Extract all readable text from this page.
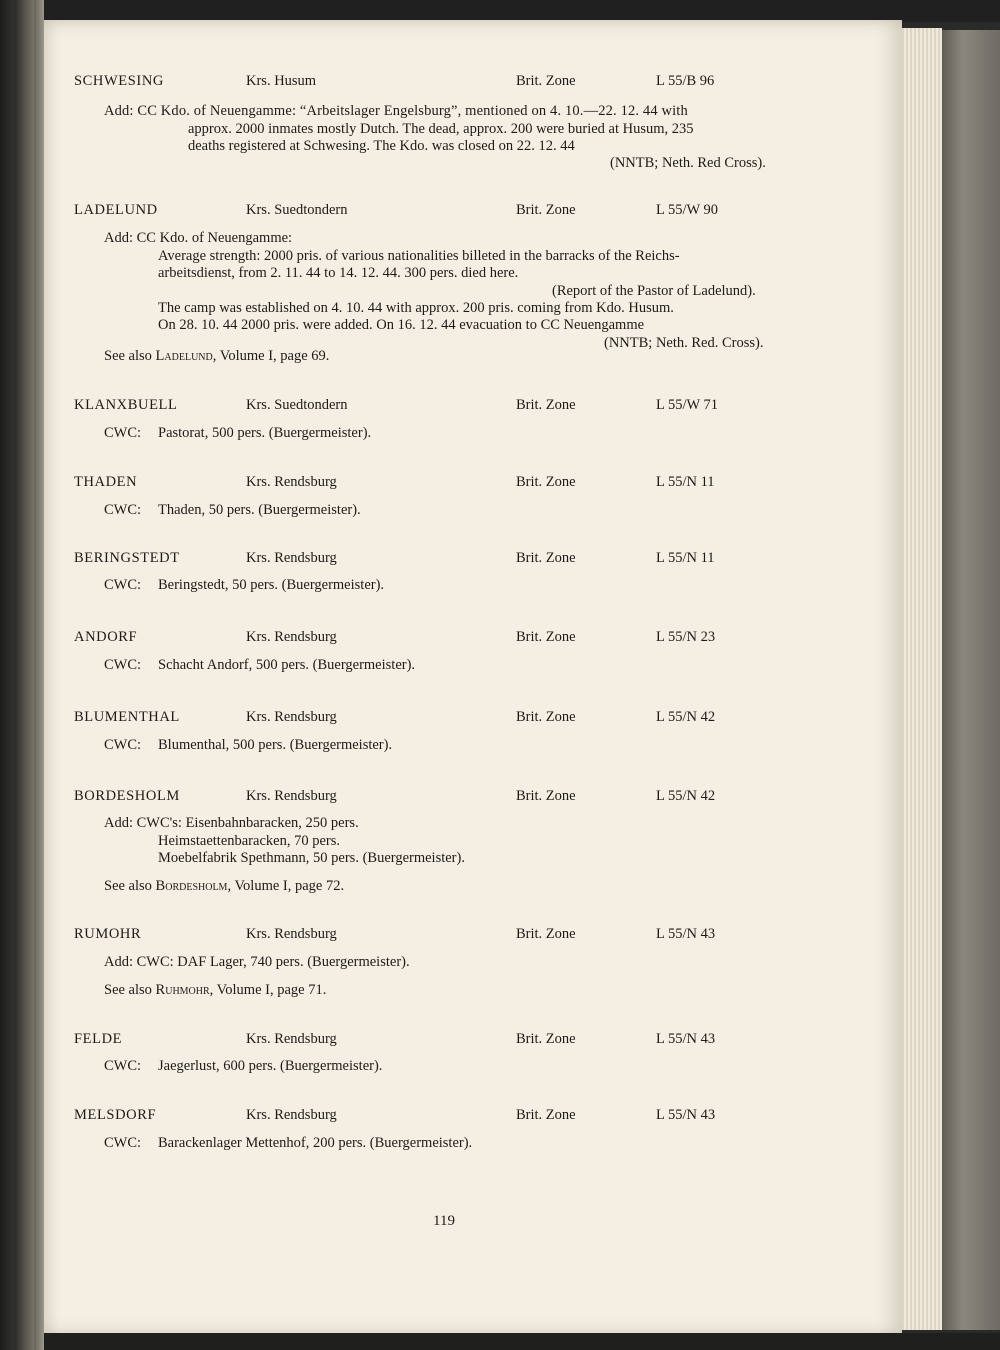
SCHWESING	Krs. Husum	Brit. Zone	L 55/B 96
Add: CC Kdo. of Neuengamme: “Arbeitslager Engelsburg”, mentioned on 4. 10.—22. 12. 44 with
approx. 2000 inmates mostly Dutch. The dead, approx. 200 were buried at Husum, 235
deaths registered at Schwesing. The Kdo. was closed on 22. 12. 44
(NNTB; Neth. Red Cross).
LADELUND	Krs. Suedtondern	Brit. Zone	L 55/W 90
Add: CC Kdo. of Neuengamme:
Average strength: 2000 pris. of various nationalities billeted in the barracks of the Reichs-
arbeitsdienst, from 2. 11. 44 to 14. 12. 44. 300 pers. died here.
(Report of the Pastor of Ladelund).
The camp was established on 4. 10. 44 with approx. 200 pris. coming from Kdo. Husum.
On 28. 10. 44 2000 pris. were added. On 16. 12. 44 evacuation to CC Neuengamme
(NNTB; Neth. Red. Cross).
See also Ladelund, Volume I, page 69.
KLANXBUELL	Krs. Suedtondern	Brit. Zone	L 55/W 71
CWC: Pastorat, 500 pers. (Buergermeister).
THADEN	Krs. Rendsburg	Brit. Zone	L 55/N 11
CWC: Thaden, 50 pers. (Buergermeister).
BERINGSTEDT	Krs. Rendsburg	Brit. Zone	L 55/N 11
CWC: Beringstedt, 50 pers. (Buergermeister).
ANDORF	Krs. Rendsburg	Brit. Zone	L 55/N 23
CWC: Schacht Andorf, 500 pers. (Buergermeister).
BLUMENTHAL	Krs. Rendsburg	Brit. Zone	L 55/N 42
CWC: Blumenthal, 500 pers. (Buergermeister).
BORDESHOLM	Krs. Rendsburg	Brit. Zone	L 55/N 42
Add: CWC's: Eisenbahnbaracken, 250 pers.
Heimstaettenbaracken, 70 pers.
Moebelfabrik Spethmann, 50 pers. (Buergermeister).
See also Bordesholm, Volume I, page 72.
RUMOHR	Krs. Rendsburg	Brit. Zone	L 55/N 43
Add: CWC: DAF Lager, 740 pers. (Buergermeister).
See also Ruhmohr, Volume I, page 71.
FELDE	Krs. Rendsburg	Brit. Zone	L 55/N 43
CWC: Jaegerlust, 600 pers. (Buergermeister).
MELSDORF	Krs. Rendsburg	Brit. Zone	L 55/N 43
CWC: Barackenlager Mettenhof, 200 pers. (Buergermeister).
119
